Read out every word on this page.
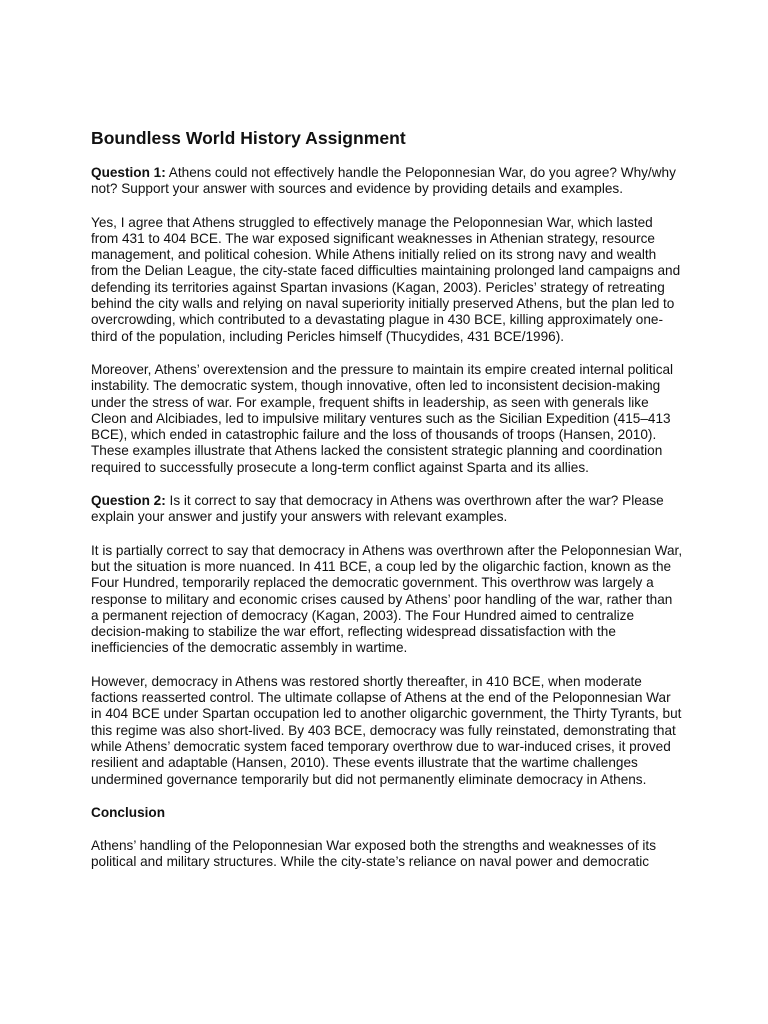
Boundless World History Assignment

Question 1: Athens could not effectively handle the Peloponnesian War, do you agree? Why/why not? Support your answer with sources and evidence by providing details and examples.

Yes, I agree that Athens struggled to effectively manage the Peloponnesian War, which lasted from 431 to 404 BCE. The war exposed significant weaknesses in Athenian strategy, resource management, and political cohesion. While Athens initially relied on its strong navy and wealth from the Delian League, the city-state faced difficulties maintaining prolonged land campaigns and defending its territories against Spartan invasions (Kagan, 2003). Pericles’ strategy of retreating behind the city walls and relying on naval superiority initially preserved Athens, but the plan led to overcrowding, which contributed to a devastating plague in 430 BCE, killing approximately one-third of the population, including Pericles himself (Thucydides, 431 BCE/1996).

Moreover, Athens’ overextension and the pressure to maintain its empire created internal political instability. The democratic system, though innovative, often led to inconsistent decision-making under the stress of war. For example, frequent shifts in leadership, as seen with generals like Cleon and Alcibiades, led to impulsive military ventures such as the Sicilian Expedition (415–413 BCE), which ended in catastrophic failure and the loss of thousands of troops (Hansen, 2010). These examples illustrate that Athens lacked the consistent strategic planning and coordination required to successfully prosecute a long-term conflict against Sparta and its allies.

Question 2: Is it correct to say that democracy in Athens was overthrown after the war? Please explain your answer and justify your answers with relevant examples.

It is partially correct to say that democracy in Athens was overthrown after the Peloponnesian War, but the situation is more nuanced. In 411 BCE, a coup led by the oligarchic faction, known as the Four Hundred, temporarily replaced the democratic government. This overthrow was largely a response to military and economic crises caused by Athens’ poor handling of the war, rather than a permanent rejection of democracy (Kagan, 2003). The Four Hundred aimed to centralize decision-making to stabilize the war effort, reflecting widespread dissatisfaction with the inefficiencies of the democratic assembly in wartime.

However, democracy in Athens was restored shortly thereafter, in 410 BCE, when moderate factions reasserted control. The ultimate collapse of Athens at the end of the Peloponnesian War in 404 BCE under Spartan occupation led to another oligarchic government, the Thirty Tyrants, but this regime was also short-lived. By 403 BCE, democracy was fully reinstated, demonstrating that while Athens’ democratic system faced temporary overthrow due to war-induced crises, it proved resilient and adaptable (Hansen, 2010). These events illustrate that the wartime challenges undermined governance temporarily but did not permanently eliminate democracy in Athens.

Conclusion

Athens’ handling of the Peloponnesian War exposed both the strengths and weaknesses of its political and military structures. While the city-state’s reliance on naval power and democratic
